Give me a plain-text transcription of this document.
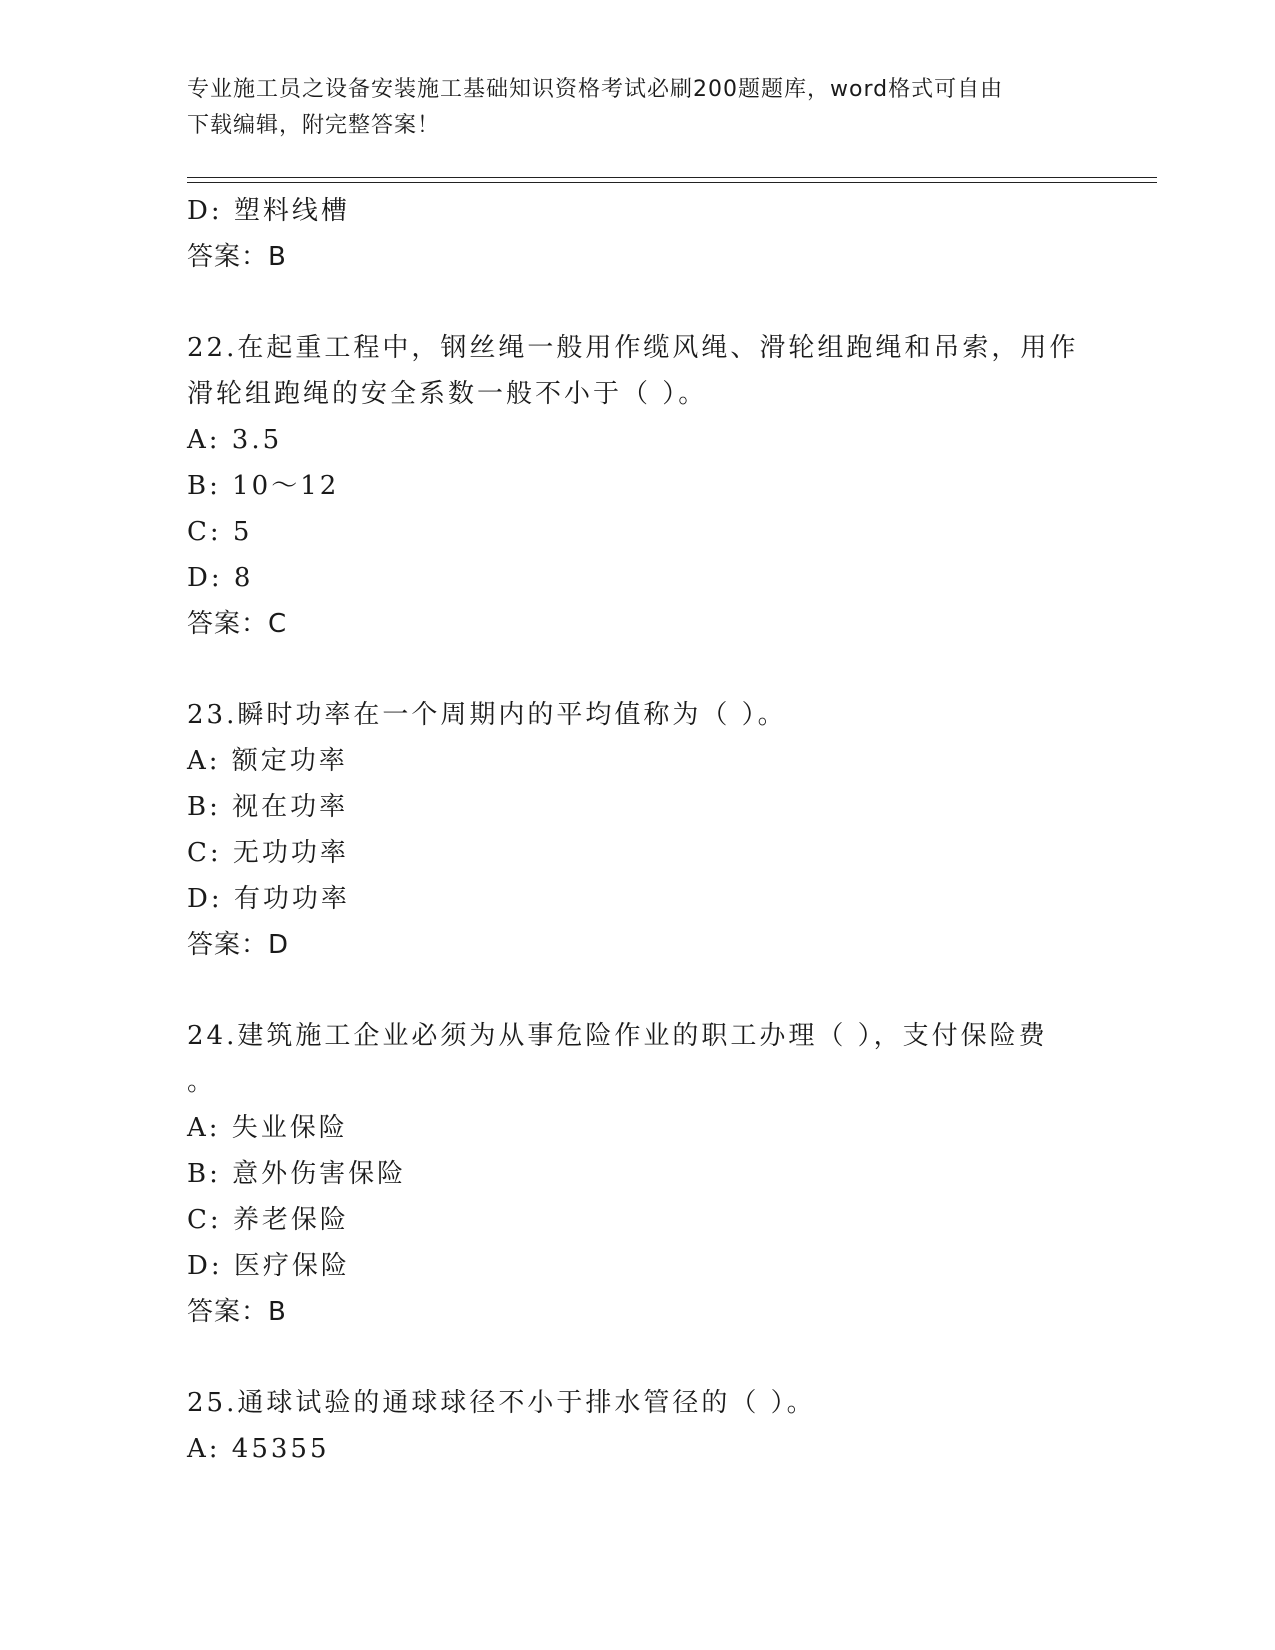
专业施工员之设备安装施工基础知识资格考试必刷200题题库，word格式可自由
下载编辑，附完整答案！
D: 塑料线槽
答案：B
22.在起重工程中，钢丝绳一般用作缆风绳、滑轮组跑绳和吊索，用作
滑轮组跑绳的安全系数一般不小于（ ）。
A: 3.5
B: 10～12
C: 5
D: 8
答案：C
23.瞬时功率在一个周期内的平均值称为（ ）。
A: 额定功率
B: 视在功率
C: 无功功率
D: 有功功率
答案：D
24.建筑施工企业必须为从事危险作业的职工办理（ ），支付保险费
。
A: 失业保险
B: 意外伤害保险
C: 养老保险
D: 医疗保险
答案：B
25.通球试验的通球球径不小于排水管径的（ ）。
A: 45355
